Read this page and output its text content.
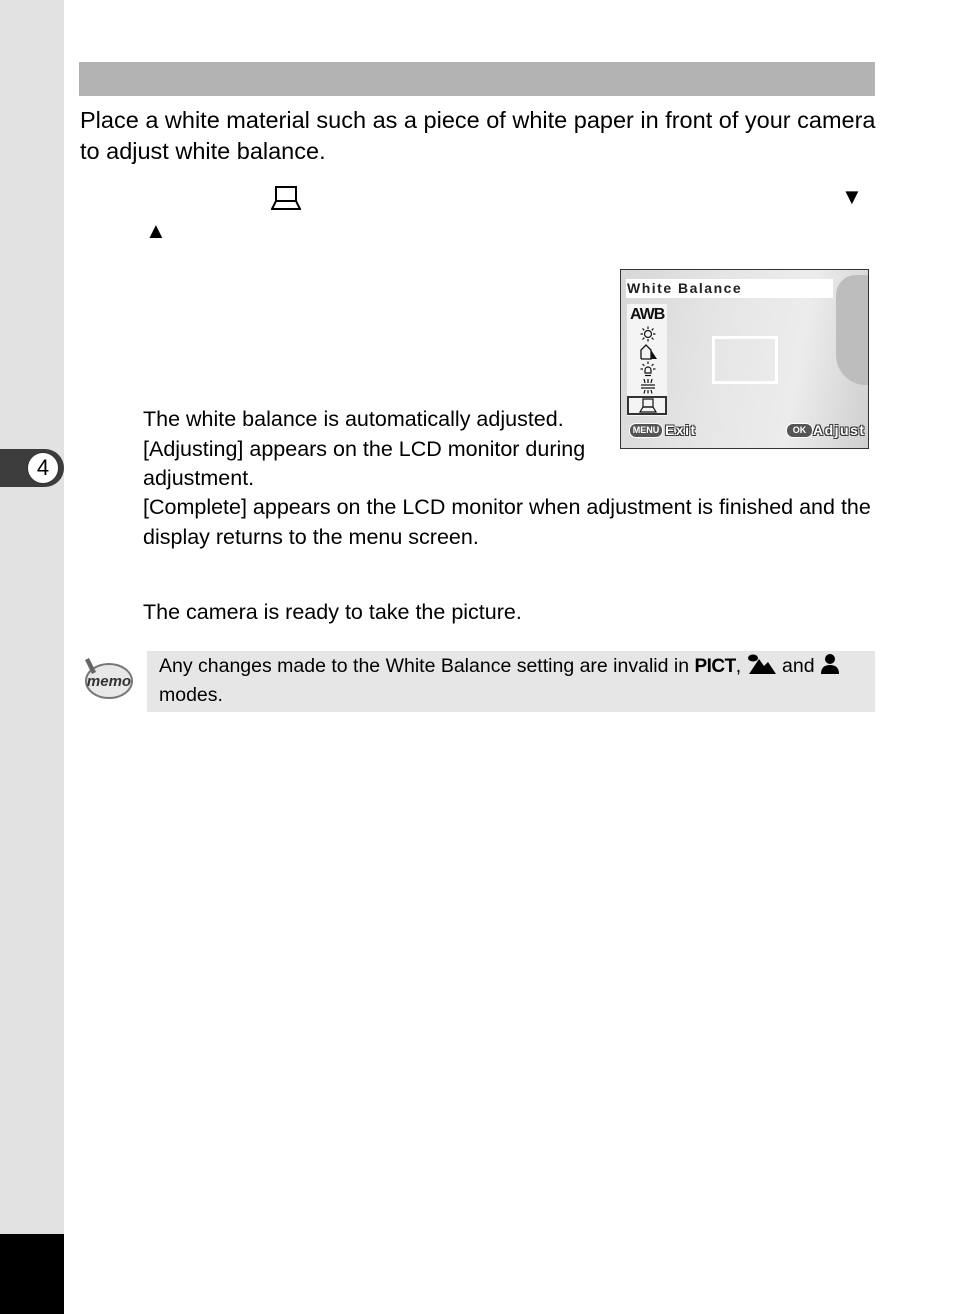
4

Place a white material such as a piece of white paper in front of your camera to adjust white balance.

▼
▲
White Balance
AWB
MENU Exit	OK Adjust

The white balance is automatically adjusted. [Adjusting] appears on the LCD monitor during adjustment.

[Complete] appears on the LCD monitor when adjustment is finished and the display returns to the menu screen.

The camera is ready to take the picture.

memo

Any changes made to the White Balance setting are invalid in PICT,  and  modes.
